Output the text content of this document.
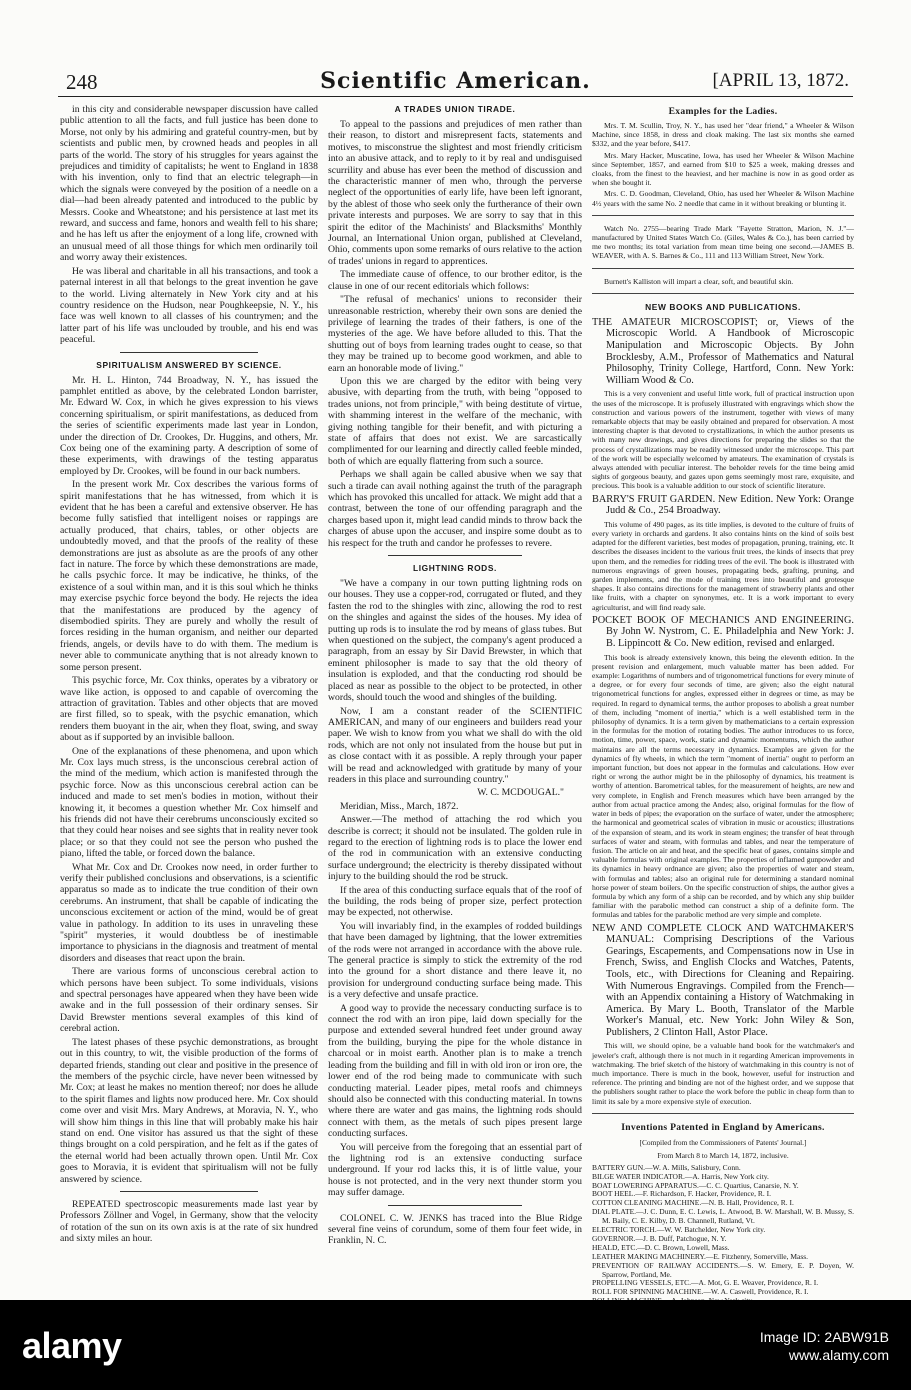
248	Scientific American.	[APRIL 13, 1872.

in this city and considerable newspaper discussion have called public attention to all the facts, and full justice has been done to Morse, not only by his admiring and grateful country-men, but by scientists and public men, by crowned heads and peoples in all parts of the world. The story of his struggles for years against the prejudices and timidity of capitalists; he went to England in 1838 with his invention, only to find that an electric telegraph—in which the signals were conveyed by the position of a needle on a dial—had been already patented and introduced to the public by Messrs. Cooke and Wheatstone; and his persistence at last met its reward, and success and fame, honors and wealth fell to his share; and he has left us after the enjoyment of a long life, crowned with an unusual meed of all those things for which men ordinarily toil and worry away their existences.

He was liberal and charitable in all his transactions, and took a paternal interest in all that belongs to the great invention he gave to the world. Living alternately in New York city and at his country residence on the Hudson, near Poughkeepsie, N. Y., his face was well known to all classes of his countrymen; and the latter part of his life was unclouded by trouble, and his end was peaceful.

SPIRITUALISM ANSWERED BY SCIENCE.

Mr. H. L. Hinton, 744 Broadway, N. Y., has issued the pamphlet entitled as above, by the celebrated London barrister, Mr. Edward W. Cox, in which he gives expression to his views concerning spiritualism, or spirit manifestations, as deduced from the series of scientific experiments made last year in London, under the direction of Dr. Crookes, Dr. Huggins, and others, Mr. Cox being one of the examining party. A description of some of these experiments, with drawings of the testing apparatus employed by Dr. Crookes, will be found in our back numbers.

In the present work Mr. Cox describes the various forms of spirit manifestations that he has witnessed, from which it is evident that he has been a careful and extensive observer. He has become fully satisfied that intelligent noises or rappings are actually produced, that chairs, tables, or other objects are undoubtedly moved, and that the proofs of the reality of these demonstrations are just as absolute as are the proofs of any other fact in nature. The force by which these demonstrations are made, he calls psychic force. It may be indicative, he thinks, of the existence of a soul within man, and it is this soul which he thinks may exercise psychic force beyond the body. He rejects the idea that the manifestations are produced by the agency of disembodied spirits. They are purely and wholly the result of forces residing in the human organism, and neither our departed friends, angels, or devils have to do with them. The medium is never able to communicate anything that is not already known to some person present.

This psychic force, Mr. Cox thinks, operates by a vibratory or wave like action, is opposed to and capable of overcoming the attraction of gravitation. Tables and other objects that are moved are first filled, so to speak, with the psychic emanation, which renders them buoyant in the air, when they float, swing, and sway about as if supported by an invisible balloon.

One of the explanations of these phenomena, and upon which Mr. Cox lays much stress, is the unconscious cerebral action of the mind of the medium, which action is manifested through the psychic force. Now as this unconscious cerebral action can be induced and made to set men's bodies in motion, without their knowing it, it becomes a question whether Mr. Cox himself and his friends did not have their cerebrums unconsciously excited so that they could hear noises and see sights that in reality never took place; or so that they could not see the person who pushed the piano, lifted the table, or forced down the balance.

What Mr. Cox and Dr. Crookes now need, in order further to verify their published conclusions and observations, is a scientific apparatus so made as to indicate the true condition of their own cerebrums. An instrument, that shall be capable of indicating the unconscious excitement or action of the mind, would be of great value in pathology. In addition to its uses in unraveling these "spirit" mysteries, it would doubtless be of inestimable importance to physicians in the diagnosis and treatment of mental disorders and diseases that react upon the brain.

There are various forms of unconscious cerebral action to which persons have been subject. To some individuals, visions and spectral personages have appeared when they have been wide awake and in the full possession of their ordinary senses. Sir David Brewster mentions several examples of this kind of cerebral action.

The latest phases of these psychic demonstrations, as brought out in this country, to wit, the visible production of the forms of departed friends, standing out clear and positive in the presence of the members of the psychic circle, have never been witnessed by Mr. Cox; at least he makes no mention thereof; nor does he allude to the spirit flames and lights now produced here. Mr. Cox should come over and visit Mrs. Mary Andrews, at Moravia, N. Y., who will show him things in this line that will probably make his hair stand on end. One visitor has assured us that the sight of these things brought on a cold perspiration, and he felt as if the gates of the eternal world had been actually thrown open. Until Mr. Cox goes to Moravia, it is evident that spiritualism will not be fully answered by science.

REPEATED spectroscopic measurements made last year by Professors Zöllner and Vogel, in Germany, show that the velocity of rotation of the sun on its own axis is at the rate of six hundred and sixty miles an hour.

A TRADES UNION TIRADE.

To appeal to the passions and prejudices of men rather than their reason, to distort and misrepresent facts, statements and motives, to misconstrue the slightest and most friendly criticism into an abusive attack, and to reply to it by real and undisguised scurrility and abuse has ever been the method of discussion and the characteristic manner of men who, through the perverse neglect of the opportunities of early life, have been left ignorant, by the ablest of those who seek only the furtherance of their own private interests and purposes. We are sorry to say that in this spirit the editor of the Machinists' and Blacksmiths' Monthly Journal, an International Union organ, published at Cleveland, Ohio, comments upon some remarks of ours relative to the action of trades' unions in regard to apprentices.

The immediate cause of offence, to our brother editor, is the clause in one of our recent editorials which follows:

"The refusal of mechanics' unions to reconsider their unreasonable restriction, whereby their own sons are denied the privilege of learning the trades of their fathers, is one of the mysteries of the age. We have before alluded to this. That the shutting out of boys from learning trades ought to cease, so that they may be trained up to become good workmen, and able to earn an honorable mode of living."

Upon this we are charged by the editor with being very abusive, with departing from the truth, with being "opposed to trades unions, not from principle," with being destitute of virtue, with shamming interest in the welfare of the mechanic, with giving nothing tangible for their benefit, and with picturing a state of affairs that does not exist. We are sarcastically complimented for our learning and directly called feeble minded, both of which are equally flattering from such a source.

Perhaps we shall again be called abusive when we say that such a tirade can avail nothing against the truth of the paragraph which has provoked this uncalled for attack. We might add that a contrast, between the tone of our offending paragraph and the charges based upon it, might lead candid minds to throw back the charges of abuse upon the accuser, and inspire some doubt as to his respect for the truth and candor he professes to revere.

LIGHTNING RODS.

"We have a company in our town putting lightning rods on our houses. They use a copper-rod, corrugated or fluted, and they fasten the rod to the shingles with zinc, allowing the rod to rest on the shingles and against the sides of the houses. My idea of putting up rods is to insulate the rod by means of glass tubes. But when questioned on the subject, the company's agent produced a paragraph, from an essay by Sir David Brewster, in which that eminent philosopher is made to say that the old theory of insulation is exploded, and that the conducting rod should be placed as near as possible to the object to be protected, in other words, should touch the wood and shingles of the building.

Now, I am a constant reader of the SCIENTIFIC AMERICAN, and many of our engineers and builders read your paper. We wish to know from you what we shall do with the old rods, which are not only not insulated from the house but put in as close contact with it as possible. A reply through your paper will be read and acknowledged with gratitude by many of your readers in this place and surrounding country."

W. C. MCDOUGAL."

Meridian, Miss., March, 1872.

Answer.—The method of attaching the rod which you describe is correct; it should not be insulated. The golden rule in regard to the erection of lightning rods is to place the lower end of the rod in communication with an extensive conducting surface underground; the electricity is thereby dissipated without injury to the building should the rod be struck.

If the area of this conducting surface equals that of the roof of the building, the rods being of proper size, perfect protection may be expected, not otherwise.

You will invariably find, in the examples of rodded buildings that have been damaged by lightning, that the lower extremities of the rods were not arranged in accordance with the above rule. The general practice is simply to stick the extremity of the rod into the ground for a short distance and there leave it, no provision for underground conducting surface being made. This is a very defective and unsafe practice.

A good way to provide the necessary conducting surface is to connect the rod with an iron pipe, laid down specially for the purpose and extended several hundred feet under ground away from the building, burying the pipe for the whole distance in charcoal or in moist earth. Another plan is to make a trench leading from the building and fill in with old iron or iron ore, the lower end of the rod being made to communicate with such conducting material. Leader pipes, metal roofs and chimneys should also be connected with this conducting material. In towns where there are water and gas mains, the lightning rods should connect with them, as the metals of such pipes present large conducting surfaces.

You will perceive from the foregoing that an essential part of the lightning rod is an extensive conducting surface underground. If your rod lacks this, it is of little value, your house is not protected, and in the very next thunder storm you may suffer damage.

COLONEL C. W. JENKS has traced into the Blue Ridge several fine veins of corundum, some of them four feet wide, in Franklin, N. C.

Examples for the Ladies.

Mrs. T. M. Scullin, Troy, N. Y., has used her "dear friend," a Wheeler & Wilson Machine, since 1858, in dress and cloak making. The last six months she earned $332, and the year before, $417.

Mrs. Mary Hacker, Muscatine, Iowa, has used her Wheeler & Wilson Machine since September, 1857, and earned from $10 to $25 a week, making dresses and cloaks, from the finest to the heaviest, and her machine is now in as good order as when she bought it.

Mrs. C. D. Goodman, Cleveland, Ohio, has used her Wheeler & Wilson Machine 4½ years with the same No. 2 needle that came in it without breaking or blunting it.

Watch No. 2755—bearing Trade Mark "Fayette Stratton, Marion, N. J."—manufactured by United States Watch Co. (Giles, Wales & Co.), has been carried by me two months; its total variation from mean time being one second.—JAMES B. WEAVER, with A. S. Barnes & Co., 111 and 113 William Street, New York.

Burnett's Kalliston will impart a clear, soft, and beautiful skin.

NEW BOOKS AND PUBLICATIONS.

THE AMATEUR MICROSCOPIST; or, Views of the Microscopic World. A Handbook of Microscopic Manipulation and Microscopic Objects. By John Brocklesby, A.M., Professor of Mathematics and Natural Philosophy, Trinity College, Hartford, Conn. New York: William Wood & Co.

This is a very convenient and useful little work, full of practical instruction upon the uses of the microscope. It is profusely illustrated with engravings which show the construction and various powers of the instrument, together with views of many remarkable objects that may be easily obtained and prepared for observation. A most interesting chapter is that devoted to crystallizations, in which the author presents us with many new drawings, and gives directions for preparing the slides so that the process of crystallizations may be readily witnessed under the microscope. This part of the work will be especially welcomed by amateurs. The examination of crystals is always attended with peculiar interest. The beholder revels for the time being amid sights of gorgeous beauty, and gazes upon gems seemingly most rare, exquisite, and precious. This book is a valuable addition to our stock of scientific literature.

BARRY'S FRUIT GARDEN. New Edition. New York: Orange Judd & Co., 254 Broadway.

This volume of 490 pages, as its title implies, is devoted to the culture of fruits of every variety in orchards and gardens. It also contains hints on the kind of soils best adapted for the different varieties, best modes of propagation, pruning, training, etc. It describes the diseases incident to the various fruit trees, the kinds of insects that prey upon them, and the remedies for ridding trees of the evil. The book is illustrated with numerous engravings of green houses, propagating beds, grafting, pruning, and garden implements, and the mode of training trees into beautiful and grotesque shapes. It also contains directions for the management of strawberry plants and other like fruits, with a chapter on synonymes, etc. It is a work important to every agriculturist, and will find ready sale.

POCKET BOOK OF MECHANICS AND ENGINEERING. By John W. Nystrom, C. E. Philadelphia and New York: J. B. Lippincott & Co. New edition, revised and enlarged.

This book is already extensively known, this being the eleventh edition. In the present revision and enlargement, much valuable matter has been added. For example: Logarithms of numbers and of trigonometrical functions for every minute of a degree, or for every four seconds of time, are given; also the eight natural trigonometrical functions for angles, expressed either in degrees or time, as may be required. In regard to dynamical terms, the author proposes to abolish a great number of them, including "moment of inertia," which is a well established term in the philosophy of dynamics. It is a term given by mathematicians to a certain expression in the formulas for the motion of rotating bodies. The author introduces to us force, motion, time, power, space, work, static and dynamic momentums, which the author maintains are all the terms necessary in dynamics. Examples are given for the dynamics of fly wheels, in which the term "moment of inertia" ought to perform an important function, but does not appear in the formulas and calculations. How ever right or wrong the author might be in the philosophy of dynamics, his treatment is worthy of attention. Barometrical tables, for the measurement of heights, are new and very complete, in English and French measures which have been arranged by the author from actual practice among the Andes; also, original formulas for the flow of water in beds of pipes; the evaporation on the surface of water, under the atmosphere; the harmonical and geometrical scales of vibration in music or acoustics; illustrations of the expansion of steam, and its work in steam engines; the transfer of heat through surfaces of water and steam, with formulas and tables, and near the temperature of fusion. The article on air and heat, and the specific heat of gases, contains simple and valuable formulas with original examples. The properties of inflamed gunpowder and its dynamics in heavy ordnance are given; also the properties of water and steam, with formulas and tables; also an original rule for determining a standard nominal horse power of steam boilers. On the specific construction of ships, the author gives a formula by which any form of a ship can be recorded, and by which any ship builder familiar with the parabolic method can construct a ship of a definite form. The formulas and tables for the parabolic method are very simple and complete.

NEW AND COMPLETE CLOCK AND WATCHMAKER'S MANUAL: Comprising Descriptions of the Various Gearings, Escapements, and Compensations now in Use in French, Swiss, and English Clocks and Watches, Patents, Tools, etc., with Directions for Cleaning and Repairing. With Numerous Engravings. Compiled from the French—with an Appendix containing a History of Watchmaking in America. By Mary L. Booth, Translator of the Marble Worker's Manual, etc. New York: John Wiley & Son, Publishers, 2 Clinton Hall, Astor Place.

This will, we should opine, be a valuable hand book for the watchmaker's and jeweler's craft, although there is not much in it regarding American improvements in watchmaking. The brief sketch of the history of watchmaking in this country is not of much importance. There is much in the book, however, useful for instruction and reference. The printing and binding are not of the highest order, and we suppose that the publishers sought rather to place the work before the public in cheap form than to limit its sale by a more expensive style of execution.

Inventions Patented in England by Americans.

[Compiled from the Commissioners of Patents' Journal.]

From March 8 to March 14, 1872, inclusive.

BATTERY GUN.—W. A. Mills, Salisbury, Conn.

BILGE WATER INDICATOR.—A. Harris, New York city.

BOAT LOWERING APPARATUS.—C. C. Quartius, Canarsie, N. Y.

BOOT HEEL.—F. Richardson, F. Hacker, Providence, R. I.

COTTON CLEANING MACHINE.—N. B. Hall, Providence, R. I.

DIAL PLATE.—J. C. Dunn, E. C. Lewis, L. Atwood, B. W. Marshall, W. B. Mussy, S. M. Baily, C. E. Kilby, D. B. Channell, Rutland, Vt.

ELECTRIC TORCH.—W. W. Batchelder, New York city.

GOVERNOR.—J. B. Duff, Patchogue, N. Y.

HEALD, ETC.—D. C. Brown, Lowell, Mass.

LEATHER MAKING MACHINERY.—E. Fitzhenry, Somerville, Mass.

PREVENTION OF RAILWAY ACCIDENTS.—S. W. Emery, E. P. Doyen, W. Sparrow, Portland, Me.

PROPELLING VESSELS, ETC.—A. Mot, G. E. Weaver, Providence, R. I.

ROLL FOR SPINNING MACHINE.—W. A. Caswell, Providence, R. I.

alamy	Image ID: 2ABW91B
www.alamy.com
